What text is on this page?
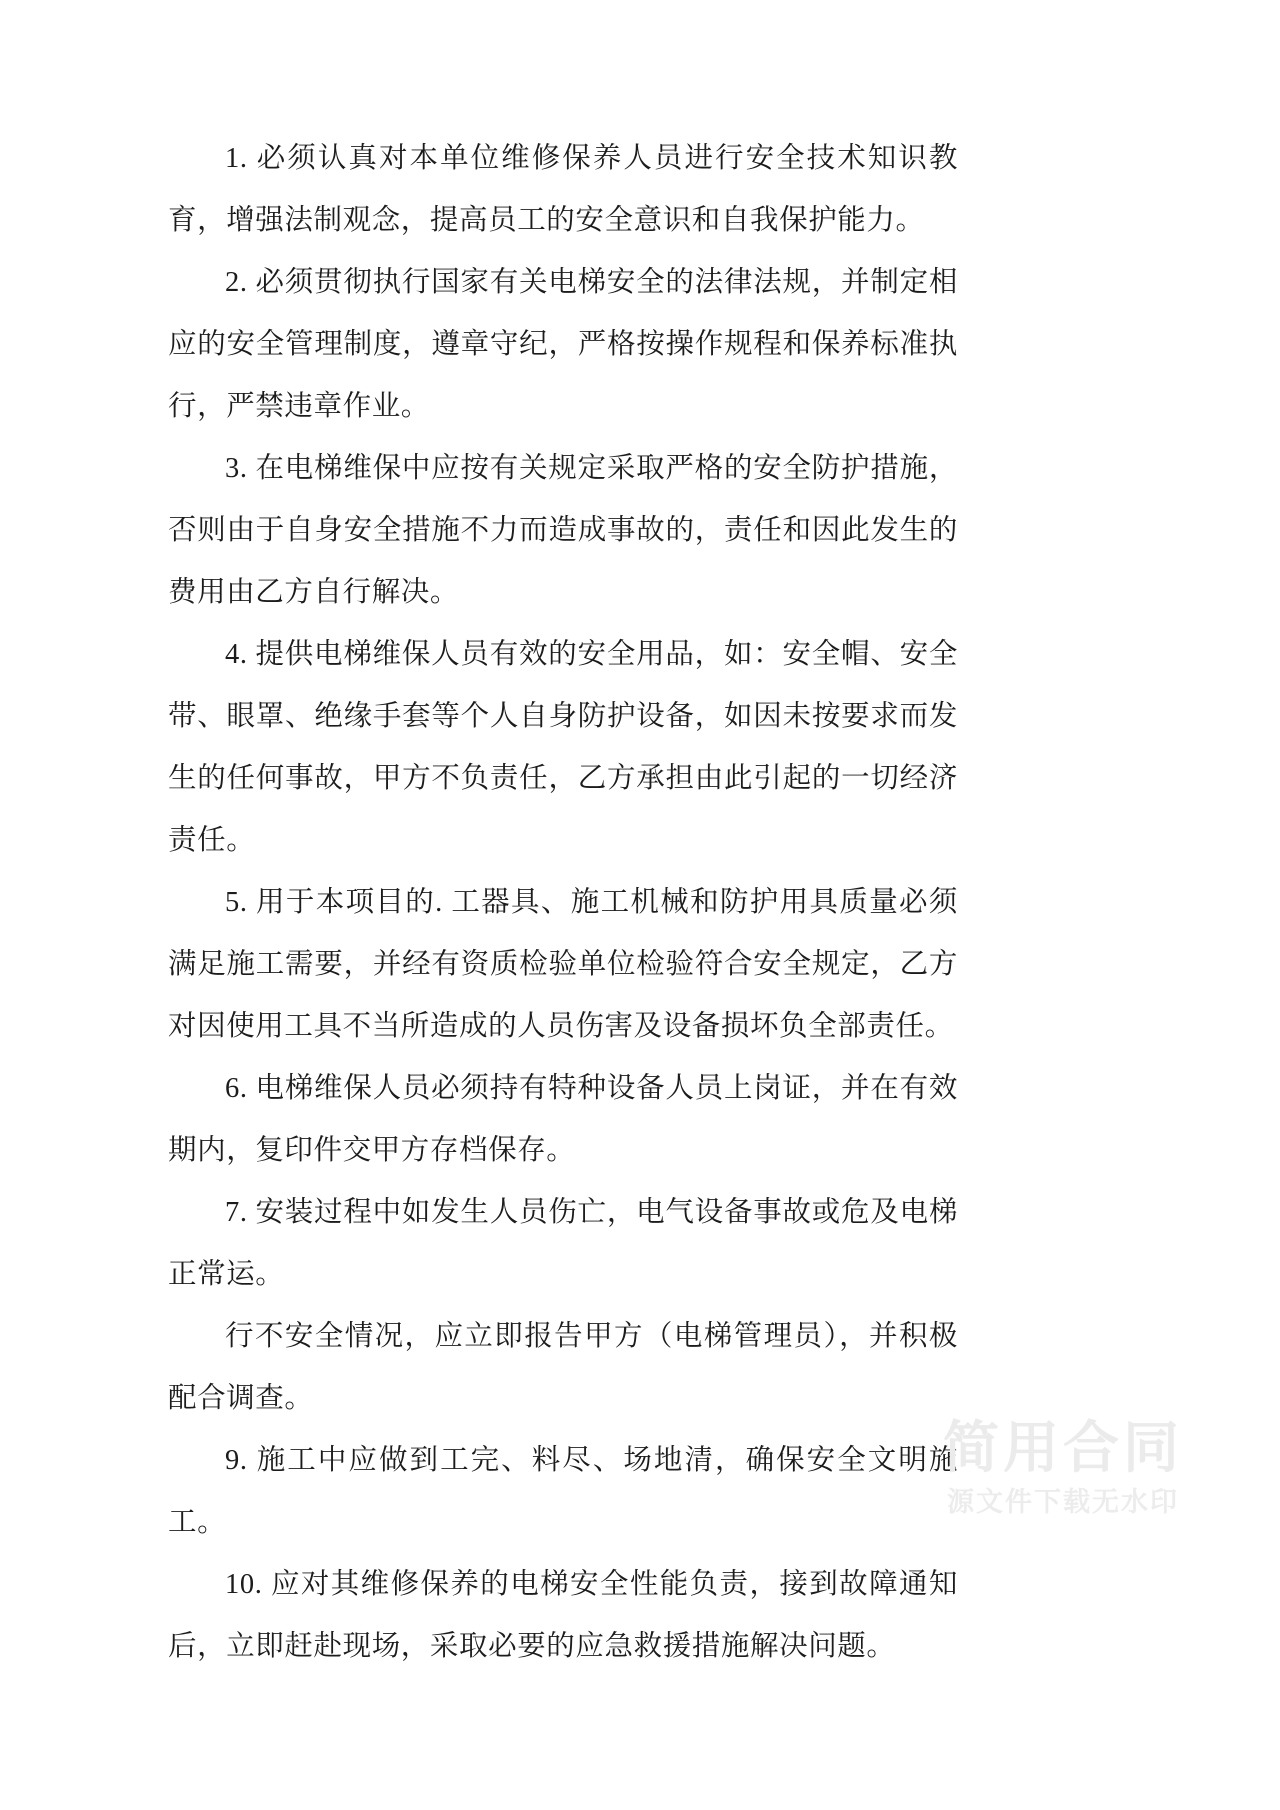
1. 必须认真对本单位维修保养人员进行安全技术知识教育，增强法制观念，提高员工的安全意识和自我保护能力。

2. 必须贯彻执行国家有关电梯安全的法律法规，并制定相应的安全管理制度，遵章守纪，严格按操作规程和保养标准执行，严禁违章作业。

3. 在电梯维保中应按有关规定采取严格的安全防护措施，否则由于自身安全措施不力而造成事故的，责任和因此发生的费用由乙方自行解决。

4. 提供电梯维保人员有效的安全用品，如：安全帽、安全带、眼罩、绝缘手套等个人自身防护设备，如因未按要求而发生的任何事故，甲方不负责任，乙方承担由此引起的一切经济责任。

5. 用于本项目的. 工器具、施工机械和防护用具质量必须满足施工需要，并经有资质检验单位检验符合安全规定，乙方对因使用工具不当所造成的人员伤害及设备损坏负全部责任。

6. 电梯维保人员必须持有特种设备人员上岗证，并在有效期内，复印件交甲方存档保存。

7. 安装过程中如发生人员伤亡，电气设备事故或危及电梯正常运。

行不安全情况，应立即报告甲方（电梯管理员），并积极配合调查。

9. 施工中应做到工完、料尽、场地清，确保安全文明施工。

10. 应对其维修保养的电梯安全性能负责，接到故障通知后，立即赶赴现场，采取必要的应急救援措施解决问题。

简用合同
源文件下载无水印
